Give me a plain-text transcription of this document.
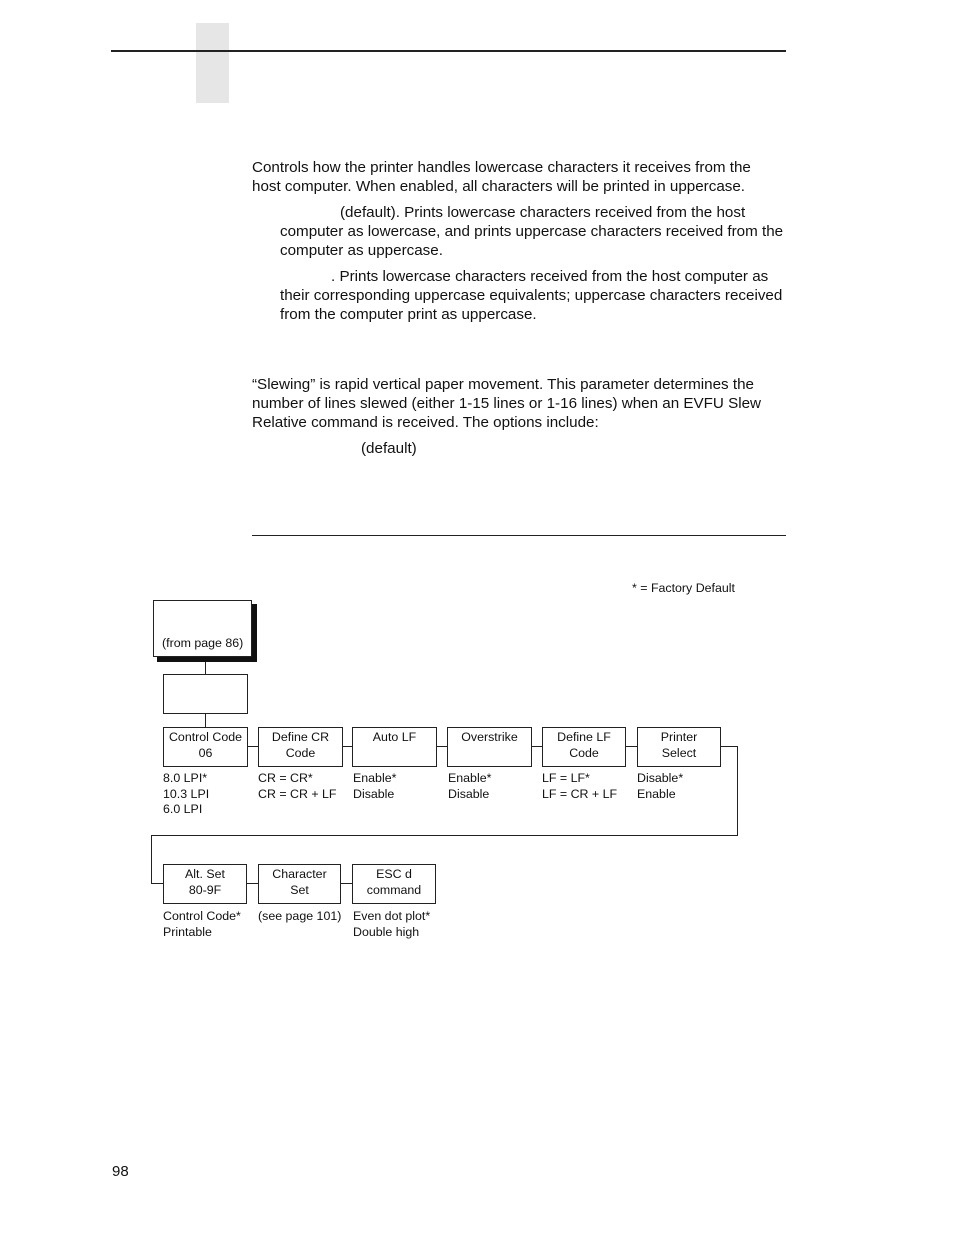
Controls how the printer handles lowercase characters it receives from the host computer. When enabled, all characters will be printed in uppercase.

(default). Prints lowercase characters received from the host computer as lowercase, and prints uppercase characters received from the computer as uppercase.

. Prints lowercase characters received from the host computer as their corresponding uppercase equivalents; uppercase characters received from the computer print as uppercase.

“Slewing” is rapid vertical paper movement. This parameter determines the number of lines slewed (either 1-15 lines or 1-16 lines) when an EVFU Slew Relative command is received. The options include:

(default)

* = Factory Default
(from page 86)
Control Code
06
Define CR
Code
Auto LF	Overstrike	Define LF
Code
Printer
Select
8.0 LPI*
10.3 LPI
6.0 LPI
CR = CR*
CR = CR + LF
Enable*
Disable
Enable*
Disable
LF = LF*
LF = CR + LF
Disable*
Enable
Alt. Set
80-9F
Character
Set
ESC d
command
Control Code*
Printable
(see page 101) Even dot plot*
Double high
98
